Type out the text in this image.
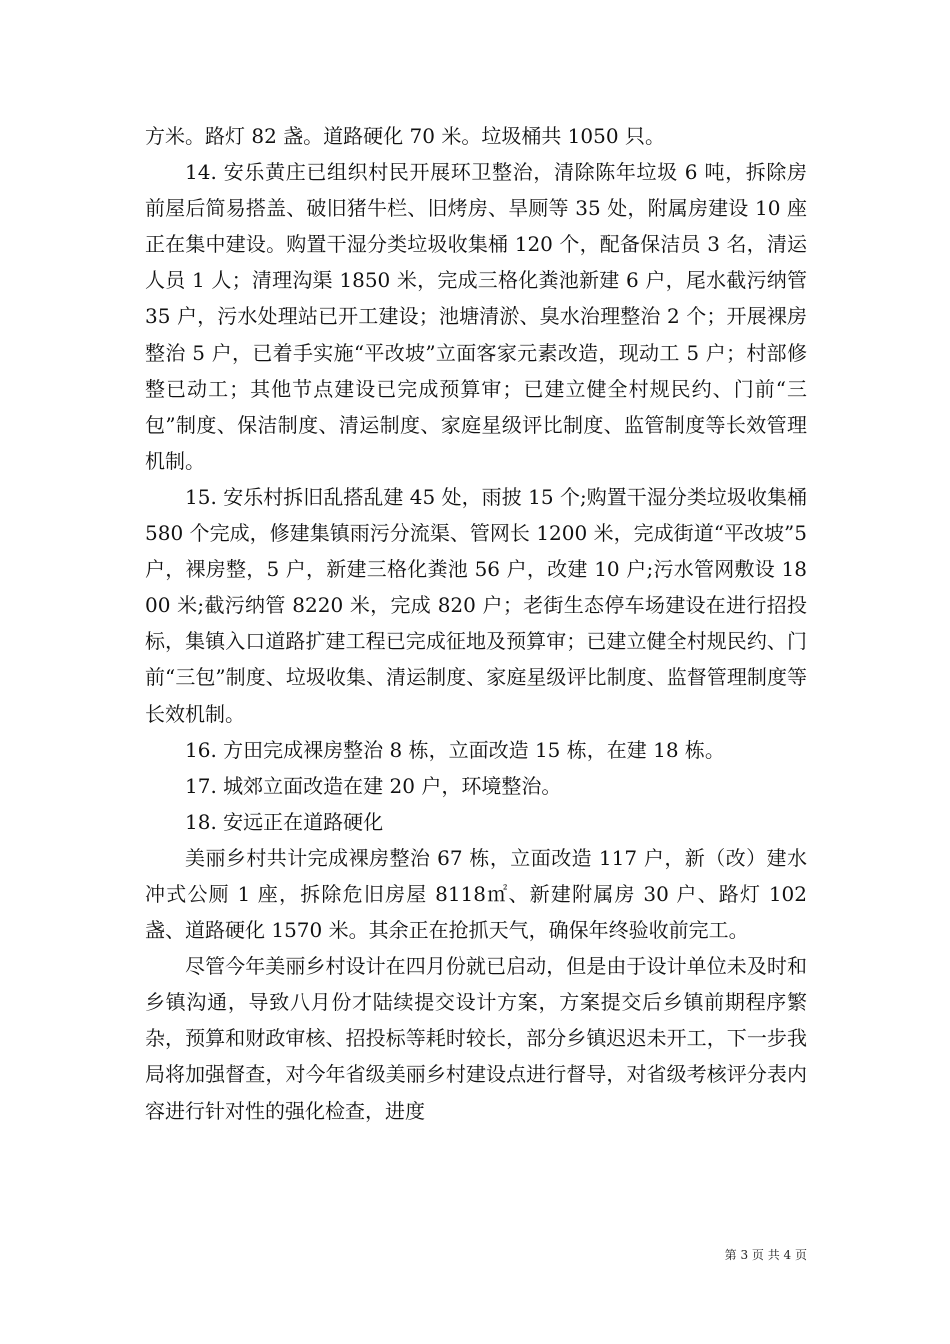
方米。路灯 82 盏。道路硬化 70 米。垃圾桶共 1050 只。

14. 安乐黄庄已组织村民开展环卫整治，清除陈年垃圾 6 吨，拆除房前屋后简易搭盖、破旧猪牛栏、旧烤房、旱厕等 35 处，附属房建设 10 座正在集中建设。购置干湿分类垃圾收集桶 120 个，配备保洁员 3 名，清运人员 1 人；清理沟渠 1850 米，完成三格化粪池新建 6 户，尾水截污纳管 35 户，污水处理站已开工建设；池塘清淤、臭水治理整治 2 个；开展裸房整治 5 户，已着手实施“平改坡”立面客家元素改造，现动工 5 户；村部修整已动工；其他节点建设已完成预算审；已建立健全村规民约、门前“三包”制度、保洁制度、清运制度、家庭星级评比制度、监管制度等长效管理机制。

15. 安乐村拆旧乱搭乱建 45 处，雨披 15 个;购置干湿分类垃圾收集桶 580 个完成，修建集镇雨污分流渠、管网长 1200 米，完成街道“平改坡”5 户，裸房整，5 户，新建三格化粪池 56 户，改建 10 户;污水管网敷设 1800 米;截污纳管 8220 米，完成 820 户；老街生态停车场建设在进行招投标，集镇入口道路扩建工程已完成征地及预算审；已建立健全村规民约、门前“三包”制度、垃圾收集、清运制度、家庭星级评比制度、监督管理制度等长效机制。

16. 方田完成裸房整治 8 栋，立面改造 15 栋，在建 18 栋。

17. 城郊立面改造在建 20 户，环境整治。

18. 安远正在道路硬化

美丽乡村共计完成裸房整治 67 栋，立面改造 117 户，新（改）建水冲式公厕 1 座，拆除危旧房屋 8118㎡、新建附属房 30 户、路灯 102 盏、道路硬化 1570 米。其余正在抢抓天气，确保年终验收前完工。

尽管今年美丽乡村设计在四月份就已启动，但是由于设计单位未及时和乡镇沟通，导致八月份才陆续提交设计方案，方案提交后乡镇前期程序繁杂，预算和财政审核、招投标等耗时较长，部分乡镇迟迟未开工，下一步我局将加强督查，对今年省级美丽乡村建设点进行督导，对省级考核评分表内容进行针对性的强化检查，进度

第 3 页 共 4 页
